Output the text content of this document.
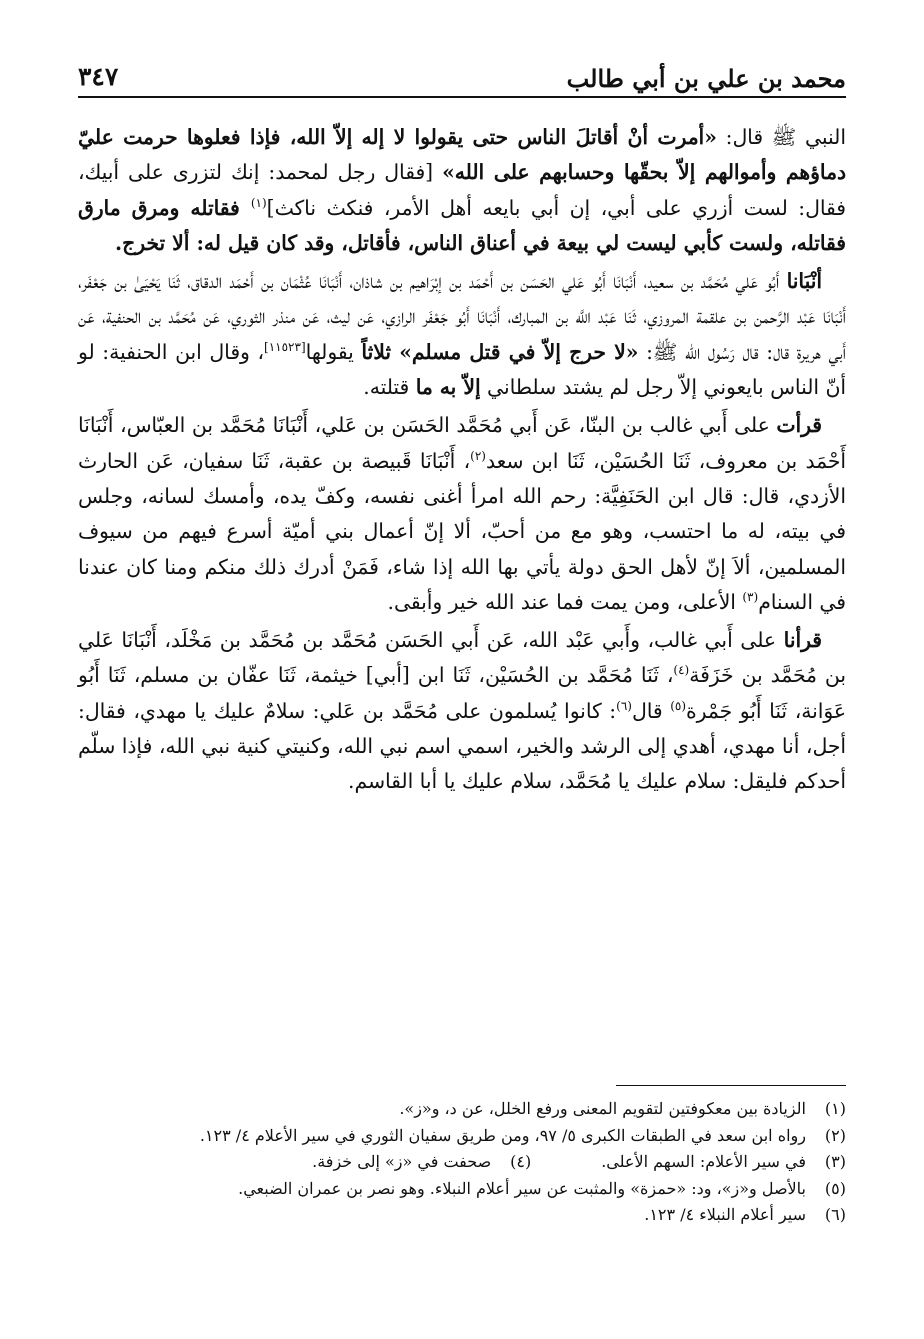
محمد بن علي بن أبي طالب
٣٤٧

النبي ﷺ قال: «أمرت أنْ أقاتلَ الناس حتى يقولوا لا إله إلاّ الله، فإذا فعلوها حرمت عليّ دماؤهم وأموالهم إلاّ بحقّها وحسابهم على الله» [فقال رجل لمحمد: إنك لتزرى على أبيك، فقال: لست أزري على أبي، إن أبي بايعه أهل الأمر، فنكث ناكث]$^{(١)}$ فقاتله ومرق مارق فقاتله، ولست كأبي ليست لي بيعة في أعناق الناس، فأقاتل، وقد كان قيل له: ألا تخرج.

أنْبَانا أَبُو عَلي مُحَمَّد بن سعيد، أَنْبَانَا أَبُو عَلي الحَسَن بن أَحْمَد بن إبْرَاهيم بن شاذان، أَنْبَانَا عُثْمَان بن أَحْمَد الدقاق، ثَنَا يَحْيَىٰ بن جَعْفَر، أَنْبَانَا عَبْد الرَّحمن بن علقمة المروزي، ثَنَا عَبْد اللَّه بن المبارك، أَنْبَانَا أَبُو جَعْفَر الرازي، عَن ليث، عَن منذر الثوري، عَن مُحَمَّد بن الحنفية، عَن أَبي هريرة قال: قال رَسُول الله ﷺ: «لا حرج إلاّ في قتل مسلم» ثلاثاً يقولها[١١٥٢٣]، وقال ابن الحنفية: لو أنّ الناس بايعوني إلاّ رجل لم يشتد سلطاني إلاّ به ما قتلته.

قرأت على أَبي غالب بن البنّا، عَن أَبي مُحَمَّد الحَسَن بن عَلي، أَنْبَانَا مُحَمَّد بن العبّاس، أَنْبَانَا أَحْمَد بن معروف، ثَنَا الحُسَيْن، ثَنَا ابن سعد$^{(٢)}$، أَنْبَانَا قَبيصة بن عقبة، ثَنَا سفيان، عَن الحارث الأزدي، قال: قال ابن الحَنَفِيَّة: رحم الله امرأ أغنى نفسه، وكفّ يده، وأمسك لسانه، وجلس في بيته، له ما احتسب، وهو مع من أحبّ، ألا إنّ أعمال بني أميّة أسرع فيهم من سيوف المسلمين، ألاَ إنّ لأهل الحق دولة يأتي بها الله إذا شاء، فَمَنْ أدرك ذلك منكم ومنا كان عندنا في السنام$^{(٣)}$ الأعلى، ومن يمت فما عند الله خير وأبقى.

قرأنا على أَبي غالب، وأَبي عَبْد الله، عَن أَبي الحَسَن مُحَمَّد بن مُحَمَّد بن مَخْلَد، أَنْبَانَا عَلي بن مُحَمَّد بن خَزَفَة$^{(٤)}$، ثَنَا مُحَمَّد بن الحُسَيْن، ثَنَا ابن [أبي] خيثمة، ثَنَا عفّان بن مسلم، ثَنَا أَبُو عَوَانة، ثَنَا أَبُو جَمْرة$^{(٥)}$ قال$^{(٦)}$: كانوا يُسلمون على مُحَمَّد بن عَلي: سلامٌ عليك يا مهدي، فقال: أجل، أنا مهدي، أهدي إلى الرشد والخير، اسمي اسم نبي الله، وكنيتي كنية نبي الله، فإذا سلّم أحدكم فليقل: سلام عليك يا مُحَمَّد، سلام عليك يا أبا القاسم.

(١)الزيادة بين معكوفتين لتقويم المعنى ورفع الخلل، عن د، و«ز».
(٢)رواه ابن سعد في الطبقات الكبرى ٥/ ٩٧، ومن طريق سفيان الثوري في سير الأعلام ٤/ ١٢٣.
(٣)في سير الأعلام: السهم الأعلى.(٤)صحفت في «ز» إلى خزفة.
(٥)بالأصل و«ز»، ود: «حمزة» والمثبت عن سير أعلام النبلاء. وهو نصر بن عمران الضبعي.
(٦)سير أعلام النبلاء ٤/ ١٢٣.
